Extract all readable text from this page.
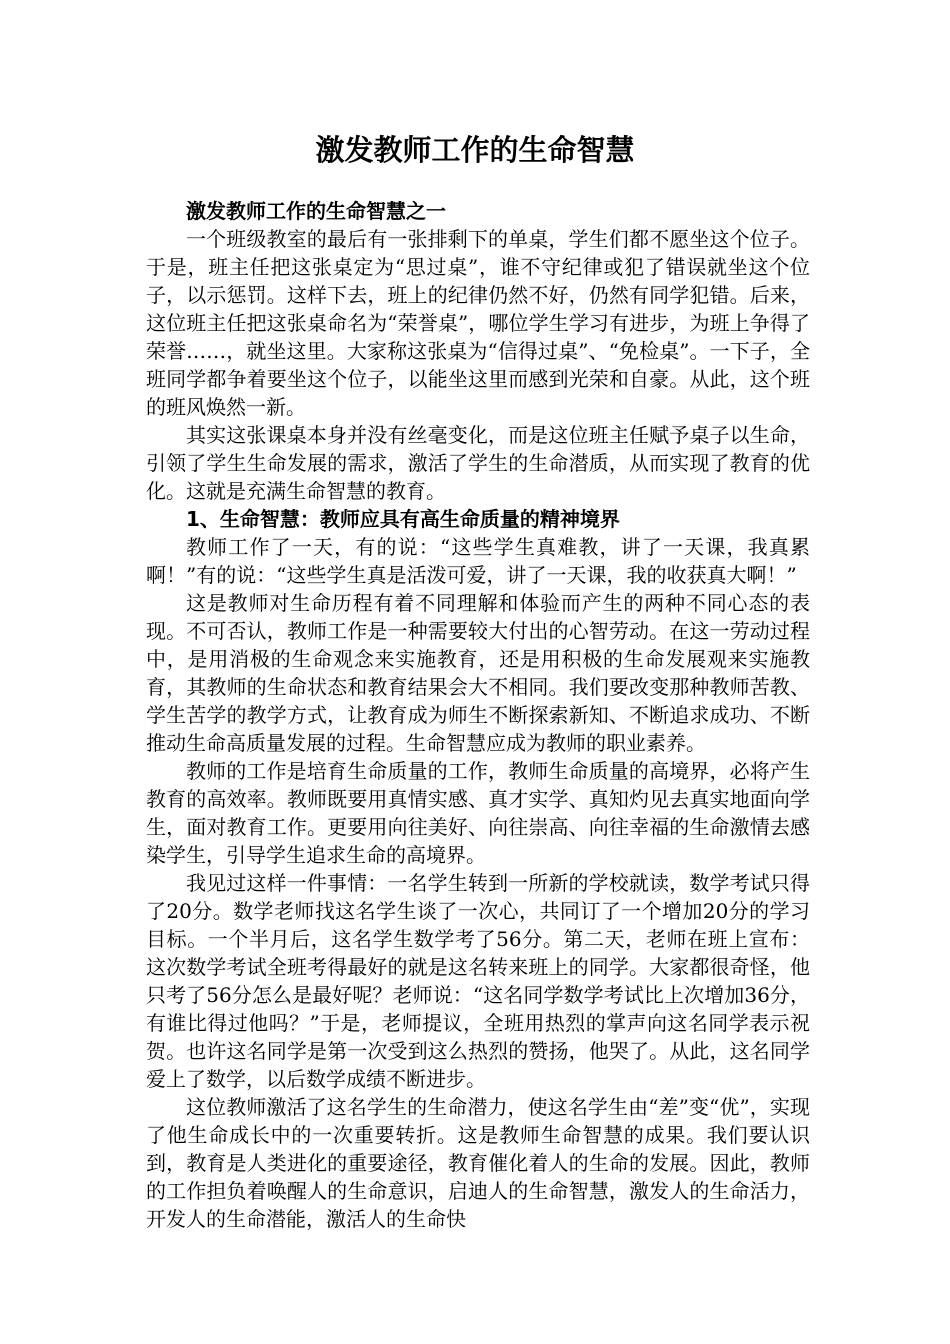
激发教师工作的生命智慧

激发教师工作的生命智慧之一

一个班级教室的最后有一张排剩下的单桌，学生们都不愿坐这个位子。于是，班主任把这张桌定为“思过桌”，谁不守纪律或犯了错误就坐这个位子，以示惩罚。这样下去，班上的纪律仍然不好，仍然有同学犯错。后来，这位班主任把这张桌命名为“荣誉桌”，哪位学生学习有进步，为班上争得了荣誉……，就坐这里。大家称这张桌为“信得过桌”、“免检桌”。一下子，全班同学都争着要坐这个位子，以能坐这里而感到光荣和自豪。从此，这个班的班风焕然一新。

其实这张课桌本身并没有丝毫变化，而是这位班主任赋予桌子以生命，引领了学生生命发展的需求，激活了学生的生命潜质，从而实现了教育的优化。这就是充满生命智慧的教育。

1、生命智慧：教师应具有高生命质量的精神境界

教师工作了一天，有的说：“这些学生真难教，讲了一天课，我真累啊！”有的说：“这些学生真是活泼可爱，讲了一天课，我的收获真大啊！”

这是教师对生命历程有着不同理解和体验而产生的两种不同心态的表现。不可否认，教师工作是一种需要较大付出的心智劳动。在这一劳动过程中，是用消极的生命观念来实施教育，还是用积极的生命发展观来实施教育，其教师的生命状态和教育结果会大不相同。我们要改变那种教师苦教、学生苦学的教学方式，让教育成为师生不断探索新知、不断追求成功、不断推动生命高质量发展的过程。生命智慧应成为教师的职业素养。

教师的工作是培育生命质量的工作，教师生命质量的高境界，必将产生教育的高效率。教师既要用真情实感、真才实学、真知灼见去真实地面向学生，面对教育工作。更要用向往美好、向往崇高、向往幸福的生命激情去感染学生，引导学生追求生命的高境界。

我见过这样一件事情：一名学生转到一所新的学校就读，数学考试只得了20分。数学老师找这名学生谈了一次心，共同订了一个增加20分的学习目标。一个半月后，这名学生数学考了56分。第二天，老师在班上宣布：这次数学考试全班考得最好的就是这名转来班上的同学。大家都很奇怪，他只考了56分怎么是最好呢？老师说：“这名同学数学考试比上次增加36分，有谁比得过他吗？”于是，老师提议，全班用热烈的掌声向这名同学表示祝贺。也许这名同学是第一次受到这么热烈的赞扬，他哭了。从此，这名同学爱上了数学，以后数学成绩不断进步。

这位教师激活了这名学生的生命潜力，使这名学生由“差”变“优”，实现了他生命成长中的一次重要转折。这是教师生命智慧的成果。我们要认识到，教育是人类进化的重要途径，教育催化着人的生命的发展。因此，教师的工作担负着唤醒人的生命意识，启迪人的生命智慧，激发人的生命活力，开发人的生命潜能，激活人的生命快
